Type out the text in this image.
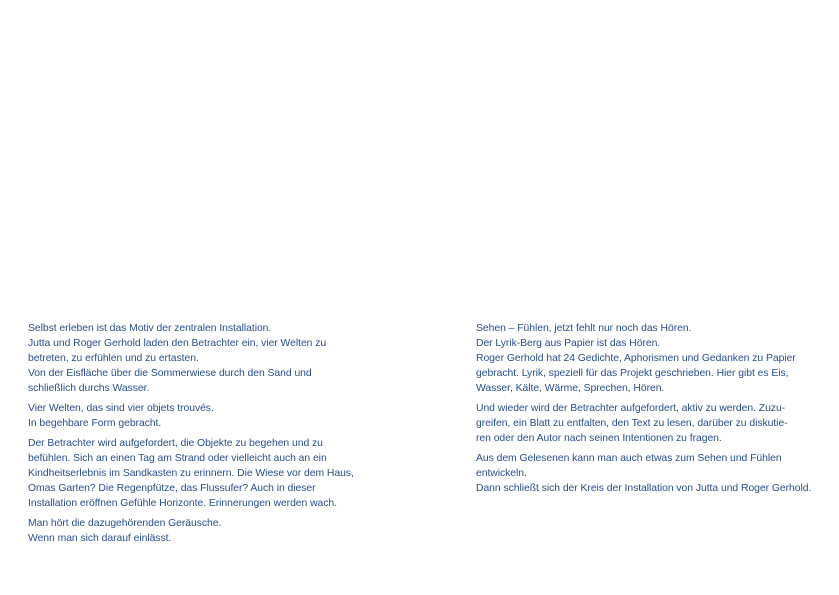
Selbst erleben ist das Motiv der zentralen Installation.
Jutta und Roger Gerhold laden den Betrachter ein, vier Welten zu
betreten, zu erfühlen und zu ertasten.
Von der Eisfläche über die Sommerwiese durch den Sand und
schließlich durchs Wasser.

Vier Welten, das sind vier objets trouvés.
In begehbare Form gebracht.

Der Betrachter wird aufgefordert, die Objekte zu begehen und zu
befühlen. Sich an einen Tag am Strand oder vielleicht auch an ein
Kindheitserlebnis im Sandkasten zu erinnern. Die Wiese vor dem Haus,
Omas Garten? Die Regenpfütze, das Flussufer? Auch in dieser
Installation eröffnen Gefühle Horizonte. Erinnerungen werden wach.

Man hört die dazugehörenden Geräusche.
Wenn man sich darauf einlässt.

Sehen – Fühlen, jetzt fehlt nur noch das Hören.
Der Lyrik-Berg aus Papier ist das Hören.
Roger Gerhold hat 24 Gedichte, Aphorismen und Gedanken zu Papier
gebracht. Lyrik, speziell für das Projekt geschrieben. Hier gibt es Eis,
Wasser, Kälte, Wärme, Sprechen, Hören.

Und wieder wird der Betrachter aufgefordert, aktiv zu werden. Zuzu-
greifen, ein Blatt zu entfalten, den Text zu lesen, darüber zu diskutie-
ren oder den Autor nach seinen Intentionen zu fragen.

Aus dem Gelesenen kann man auch etwas zum Sehen und Fühlen
entwickeln.
Dann schließt sich der Kreis der Installation von Jutta und Roger Gerhold.
